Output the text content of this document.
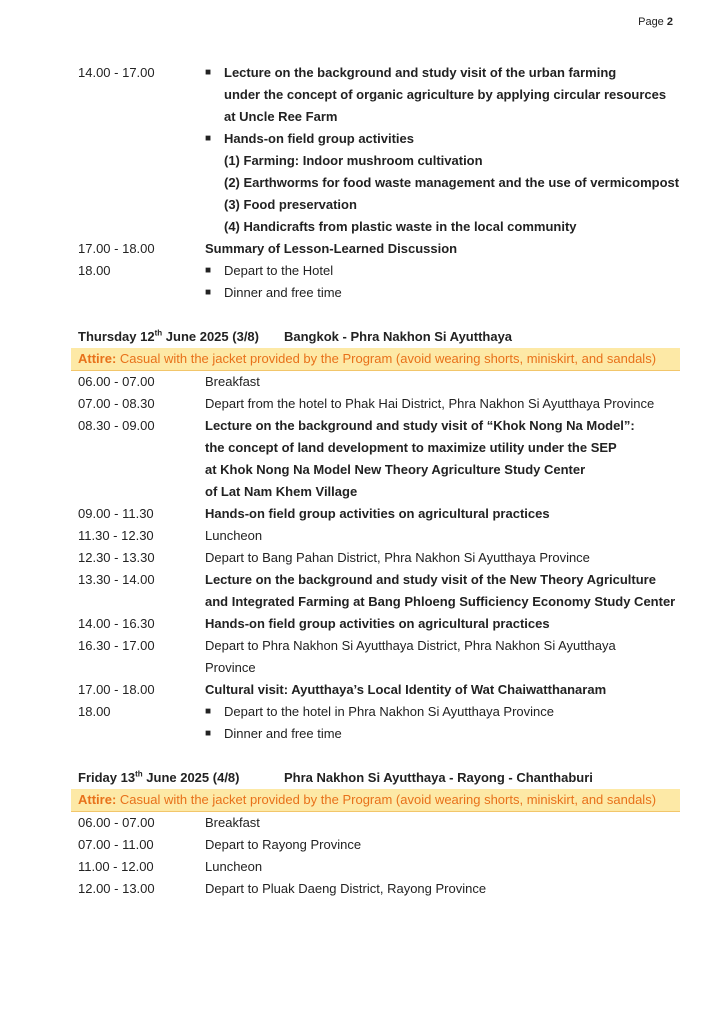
Page 2
14.00 - 17.00	■ Lecture on the background and study visit of the urban farming
under the concept of organic agriculture by applying circular resources
at Uncle Ree Farm
■ Hands-on field group activities
(1) Farming: Indoor mushroom cultivation
(2) Earthworms for food waste management and the use of vermicompost
(3) Food preservation
(4) Handicrafts from plastic waste in the local community
17.00 - 18.00	Summary of Lesson-Learned Discussion
18.00	■ Depart to the Hotel
■ Dinner and free time
Thursday 12th June 2025 (3/8) Bangkok - Phra Nakhon Si Ayutthaya
Attire: Casual with the jacket provided by the Program (avoid wearing shorts, miniskirt, and sandals)
06.00 - 07.00	Breakfast
07.00 - 08.30	Depart from the hotel to Phak Hai District, Phra Nakhon Si Ayutthaya Province
08.30 - 09.00	Lecture on the background and study visit of “Khok Nong Na Model”:
the concept of land development to maximize utility under the SEP
at Khok Nong Na Model New Theory Agriculture Study Center
of Lat Nam Khem Village
09.00 - 11.30	Hands-on field group activities on agricultural practices
11.30 - 12.30	Luncheon
12.30 - 13.30	Depart to Bang Pahan District, Phra Nakhon Si Ayutthaya Province
13.30 - 14.00	Lecture on the background and study visit of the New Theory Agriculture
and Integrated Farming at Bang Phloeng Sufficiency Economy Study Center
14.00 - 16.30	Hands-on field group activities on agricultural practices
16.30 - 17.00	Depart to Phra Nakhon Si Ayutthaya District, Phra Nakhon Si Ayutthaya
Province
17.00 - 18.00	Cultural visit: Ayutthaya’s Local Identity of Wat Chaiwatthanaram
18.00	■ Depart to the hotel in Phra Nakhon Si Ayutthaya Province
■ Dinner and free time
Friday 13th June 2025 (4/8)	Phra Nakhon Si Ayutthaya - Rayong - Chanthaburi
Attire: Casual with the jacket provided by the Program (avoid wearing shorts, miniskirt, and sandals)
06.00 - 07.00	Breakfast
07.00 - 11.00	Depart to Rayong Province
11.00 - 12.00	Luncheon
12.00 - 13.00	Depart to Pluak Daeng District, Rayong Province
